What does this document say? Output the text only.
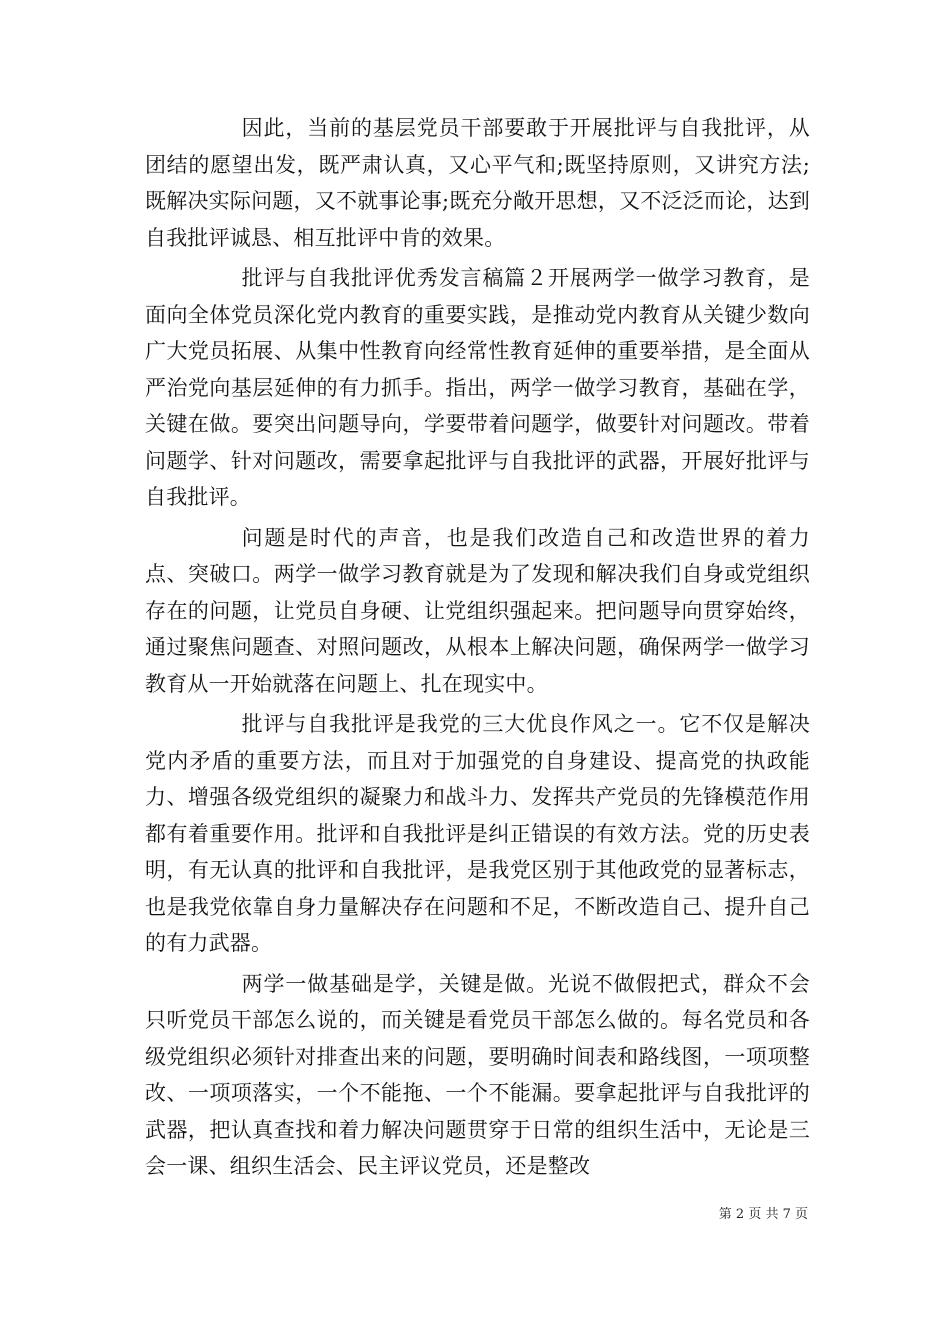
因此，当前的基层党员干部要敢于开展批评与自我批评，从团结的愿望出发，既严肃认真，又心平气和;既坚持原则，又讲究方法;既解决实际问题，又不就事论事;既充分敞开思想，又不泛泛而论，达到自我批评诚恳、相互批评中肯的效果。

批评与自我批评优秀发言稿篇２开展两学一做学习教育，是面向全体党员深化党内教育的重要实践，是推动党内教育从关键少数向广大党员拓展、从集中性教育向经常性教育延伸的重要举措，是全面从严治党向基层延伸的有力抓手。指出，两学一做学习教育，基础在学，关键在做。要突出问题导向，学要带着问题学，做要针对问题改。带着问题学、针对问题改，需要拿起批评与自我批评的武器，开展好批评与自我批评。

问题是时代的声音，也是我们改造自己和改造世界的着力点、突破口。两学一做学习教育就是为了发现和解决我们自身或党组织存在的问题，让党员自身硬、让党组织强起来。把问题导向贯穿始终，通过聚焦问题查、对照问题改，从根本上解决问题，确保两学一做学习教育从一开始就落在问题上、扎在现实中。

批评与自我批评是我党的三大优良作风之一。它不仅是解决党内矛盾的重要方法，而且对于加强党的自身建设、提高党的执政能力、增强各级党组织的凝聚力和战斗力、发挥共产党员的先锋模范作用都有着重要作用。批评和自我批评是纠正错误的有效方法。党的历史表明，有无认真的批评和自我批评，是我党区别于其他政党的显著标志，也是我党依靠自身力量解决存在问题和不足，不断改造自己、提升自己的有力武器。

两学一做基础是学，关键是做。光说不做假把式，群众不会只听党员干部怎么说的，而关键是看党员干部怎么做的。每名党员和各级党组织必须针对排查出来的问题，要明确时间表和路线图，一项项整改、一项项落实，一个不能拖、一个不能漏。要拿起批评与自我批评的武器，把认真查找和着力解决问题贯穿于日常的组织生活中，无论是三会一课、组织生活会、民主评议党员，还是整改

第 2 页 共 7 页
